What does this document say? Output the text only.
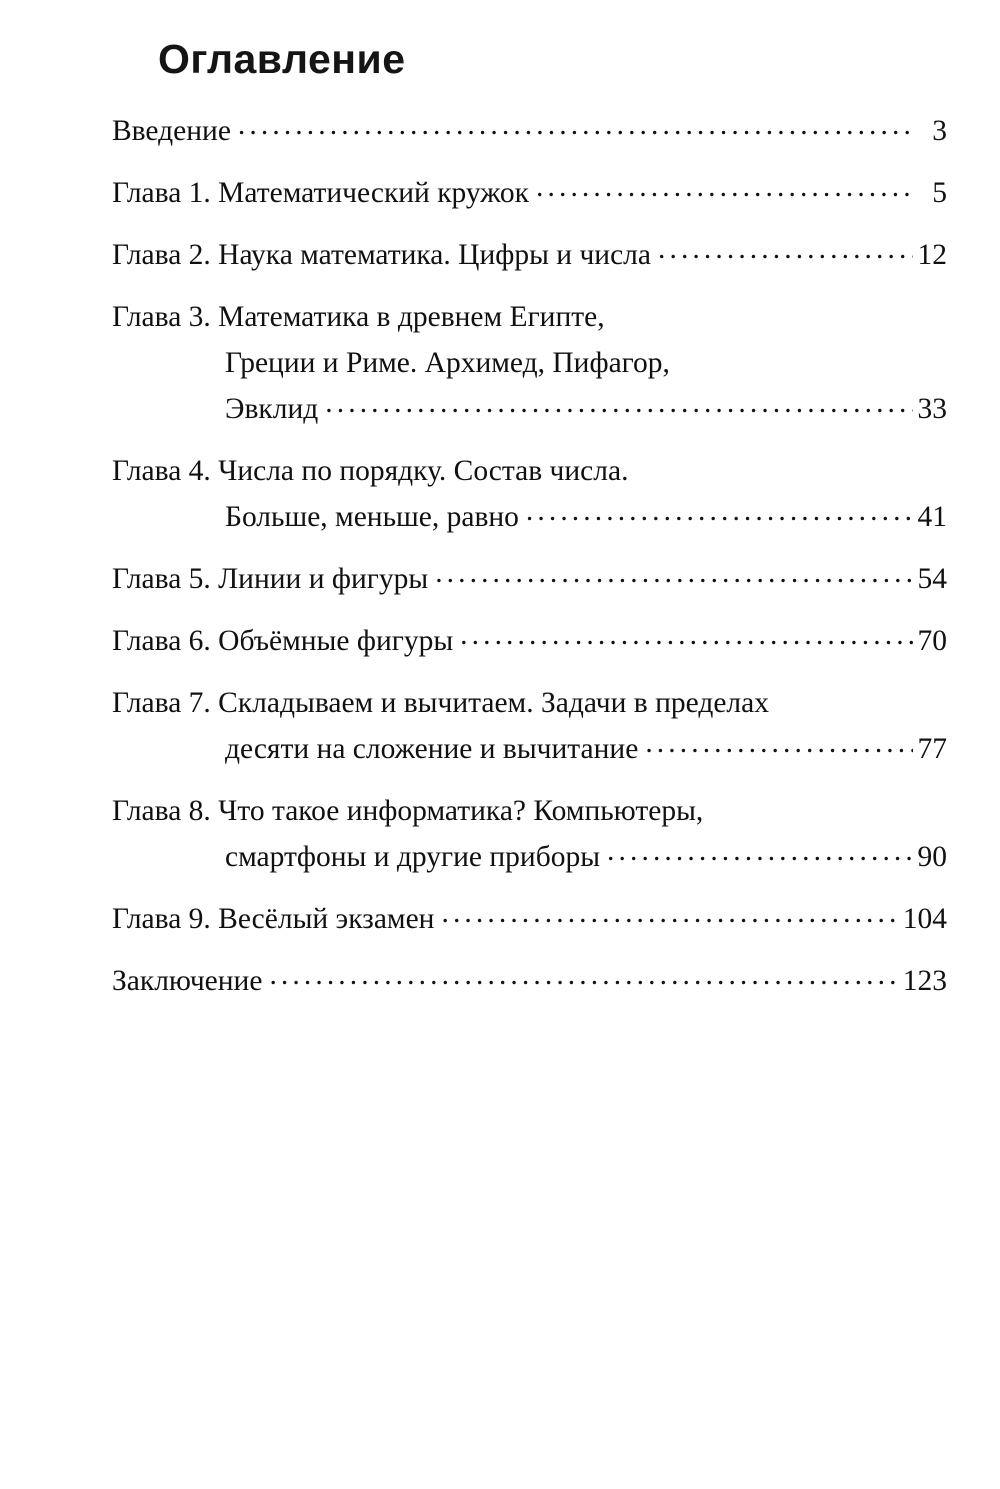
Оглавление
Введение .....	3
Глава 1. Математический кружок .....	5
Глава 2. Наука математика. Цифры и числа .....	12
Глава 3. Математика в древнем Египте,
Греции и Риме. Архимед, Пифагор,
Эвклид .....	33
Глава 4. Числа по порядку. Состав числа.
Больше, меньше, равно .....	41
Глава 5. Линии и фигуры .....	54
Глава 6. Объёмные фигуры .....	70
Глава 7. Складываем и вычитаем. Задачи в пределах
десяти на сложение и вычитание .....	77
Глава 8. Что такое информатика? Компьютеры,
смартфоны и другие приборы .....	90
Глава 9. Весёлый экзамен .....	104
Заключение .....	123
